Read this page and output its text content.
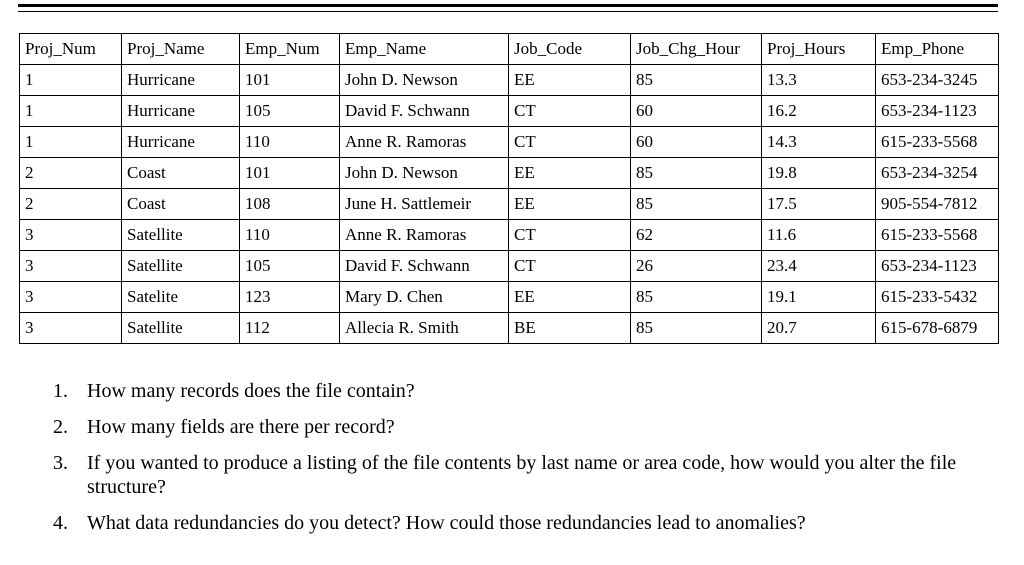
Proj_Num	Proj_Name	Emp_Num	Emp_Name	Job_Code	Job_Chg_Hour	Proj_Hours	Emp_Phone
1	Hurricane	101	John D. Newson	EE	85	13.3	653-234-3245
1	Hurricane	105	David F. Schwann	CT	60	16.2	653-234-1123
1	Hurricane	110	Anne R. Ramoras	CT	60	14.3	615-233-5568
2	Coast	101	John D. Newson	EE	85	19.8	653-234-3254
2	Coast	108	June H. Sattlemeir	EE	85	17.5	905-554-7812
3	Satellite	110	Anne R. Ramoras	CT	62	11.6	615-233-5568
3	Satellite	105	David F. Schwann	CT	26	23.4	653-234-1123
3	Satelite	123	Mary D. Chen	EE	85	19.1	615-233-5432
3	Satellite	112	Allecia R. Smith	BE	85	20.7	615-678-6879
1. How many records does the file contain?
2. How many fields are there per record?
3. If you wanted to produce a listing of the file contents by last name or area code, how would you alter the file structure?
4. What data redundancies do you detect? How could those redundancies lead to anomalies?
